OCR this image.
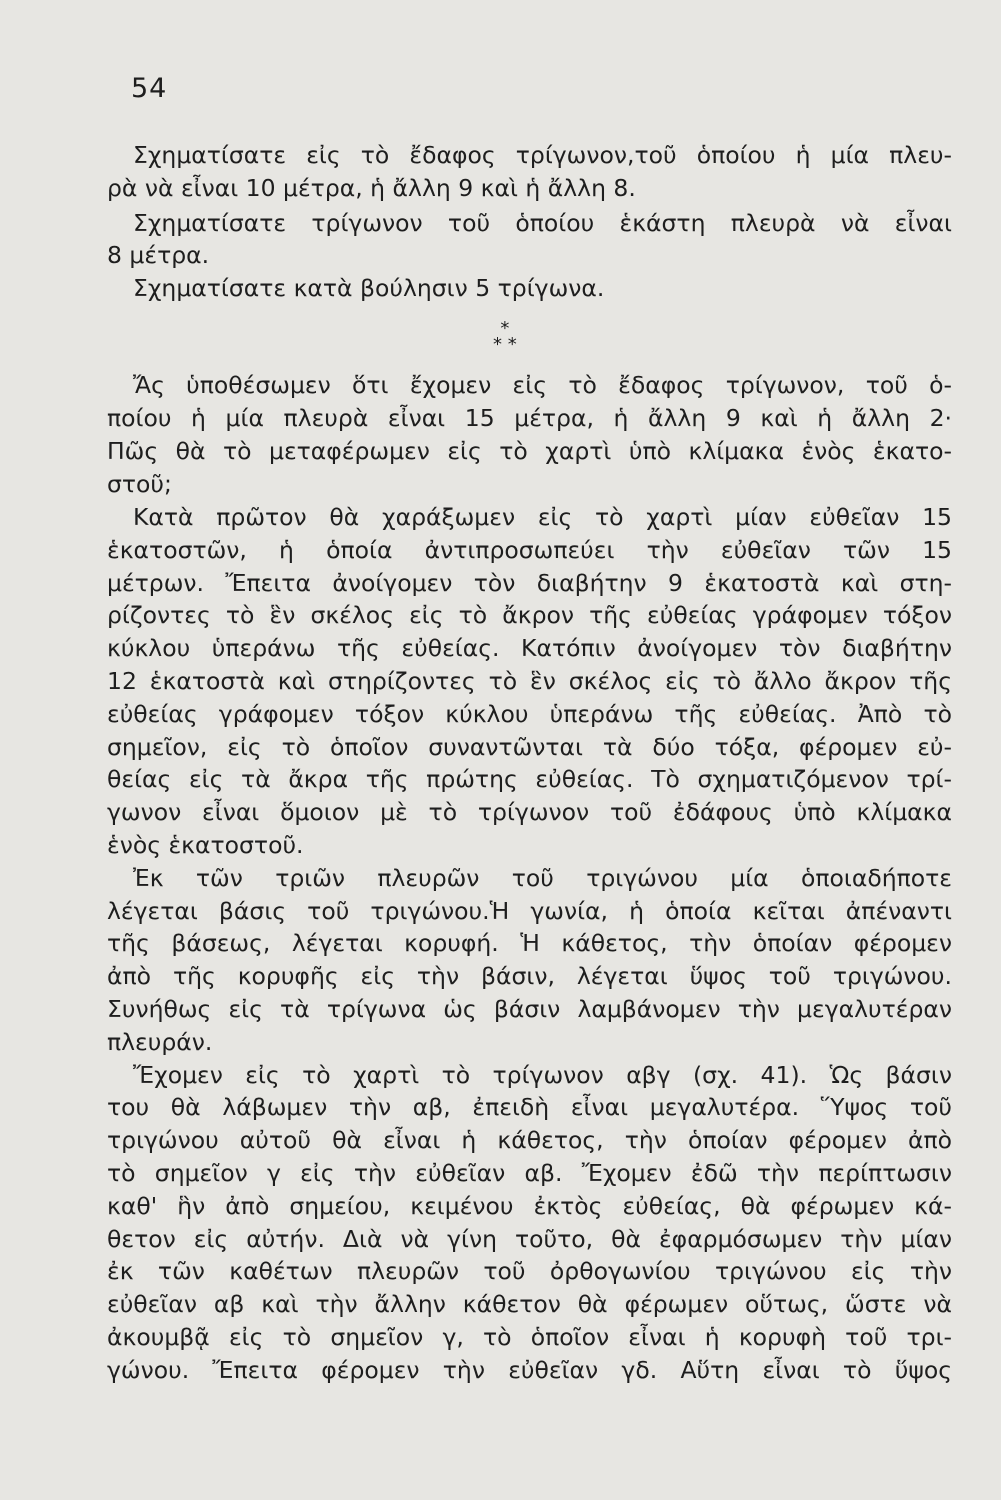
54
*
* *
Σχηματίσατε εἰς τὸ ἔδαφος τρίγωνον,τοῦ ὁποίου ἡ μία πλευ-
ρὰ νὰ εἶναι 10 μέτρα, ἡ ἄλλη 9 καὶ ἡ ἄλλη 8.
Σχηματίσατε τρίγωνον τοῦ ὁποίου ἑκάστη πλευρὰ νὰ εἶναι
8 μέτρα.
Σχηματίσατε κατὰ βούλησιν 5 τρίγωνα.
Ἄς ὑποθέσωμεν ὅτι ἔχομεν εἰς τὸ ἔδαφος τρίγωνον, τοῦ ὁ-
ποίου ἡ μία πλευρὰ εἶναι 15 μέτρα, ἡ ἄλλη 9 καὶ ἡ ἄλλη 2·
Πῶς θὰ τὸ μεταφέρωμεν εἰς τὸ χαρτὶ ὑπὸ κλίμακα ἑνὸς ἑκατο-
στοῦ;
Κατὰ πρῶτον θὰ χαράξωμεν εἰς τὸ χαρτὶ μίαν εὐθεῖαν 15
ἑκατοστῶν, ἡ ὁποία ἀντιπροσωπεύει τὴν εὐθεῖαν τῶν 15
μέτρων. Ἔπειτα ἀνοίγομεν τὸν διαβήτην 9 ἑκατοστὰ καὶ στη-
ρίζοντες τὸ ἓν σκέλος εἰς τὸ ἄκρον τῆς εὐθείας γράφομεν τόξον
κύκλου ὑπεράνω τῆς εὐθείας. Κατόπιν ἀνοίγομεν τὸν διαβήτην
12 ἑκατοστὰ καὶ στηρίζοντες τὸ ἓν σκέλος εἰς τὸ ἄλλο ἄκρον τῆς
εὐθείας γράφομεν τόξον κύκλου ὑπεράνω τῆς εὐθείας. Ἀπὸ τὸ
σημεῖον, εἰς τὸ ὁποῖον συναντῶνται τὰ δύο τόξα, φέρομεν εὐ-
θείας εἰς τὰ ἄκρα τῆς πρώτης εὐθείας. Τὸ σχηματιζόμενον τρί-
γωνον εἶναι ὅμοιον μὲ τὸ τρίγωνον τοῦ ἐδάφους ὑπὸ κλίμακα
ἑνὸς ἑκατοστοῦ.
Ἐκ τῶν τριῶν πλευρῶν τοῦ τριγώνου μία ὁποιαδήποτε
λέγεται βάσις τοῦ τριγώνου.Ἡ γωνία, ἡ ὁποία κεῖται ἀπέναντι
τῆς βάσεως, λέγεται κορυφή. Ἡ κάθετος, τὴν ὁποίαν φέρομεν
ἀπὸ τῆς κορυφῆς εἰς τὴν βάσιν, λέγεται ὕψος τοῦ τριγώνου.
Συνήθως εἰς τὰ τρίγωνα ὡς βάσιν λαμβάνομεν τὴν μεγαλυτέραν
πλευράν.
Ἔχομεν εἰς τὸ χαρτὶ τὸ τρίγωνον αβγ (σχ. 41). Ὡς βάσιν
του θὰ λάβωμεν τὴν αβ, ἐπειδὴ εἶναι μεγαλυτέρα. Ὕψος τοῦ
τριγώνου αὐτοῦ θὰ εἶναι ἡ κάθετος, τὴν ὁποίαν φέρομεν ἀπὸ
τὸ σημεῖον γ εἰς τὴν εὐθεῖαν αβ. Ἔχομεν ἐδῶ τὴν περίπτωσιν
καθ' ἣν ἀπὸ σημείου, κειμένου ἐκτὸς εὐθείας, θὰ φέρωμεν κά-
θετον εἰς αὐτήν. Διὰ νὰ γίνη τοῦτο, θὰ ἐφαρμόσωμεν τὴν μίαν
ἐκ τῶν καθέτων πλευρῶν τοῦ ὀρθογωνίου τριγώνου εἰς τὴν
εὐθεῖαν αβ καὶ τὴν ἄλλην κάθετον θὰ φέρωμεν οὕτως, ὥστε νὰ
ἀκουμβᾷ εἰς τὸ σημεῖον γ, τὸ ὁποῖον εἶναι ἡ κορυφὴ τοῦ τρι-
γώνου. Ἔπειτα φέρομεν τὴν εὐθεῖαν γδ. Αὕτη εἶναι τὸ ὕψος
